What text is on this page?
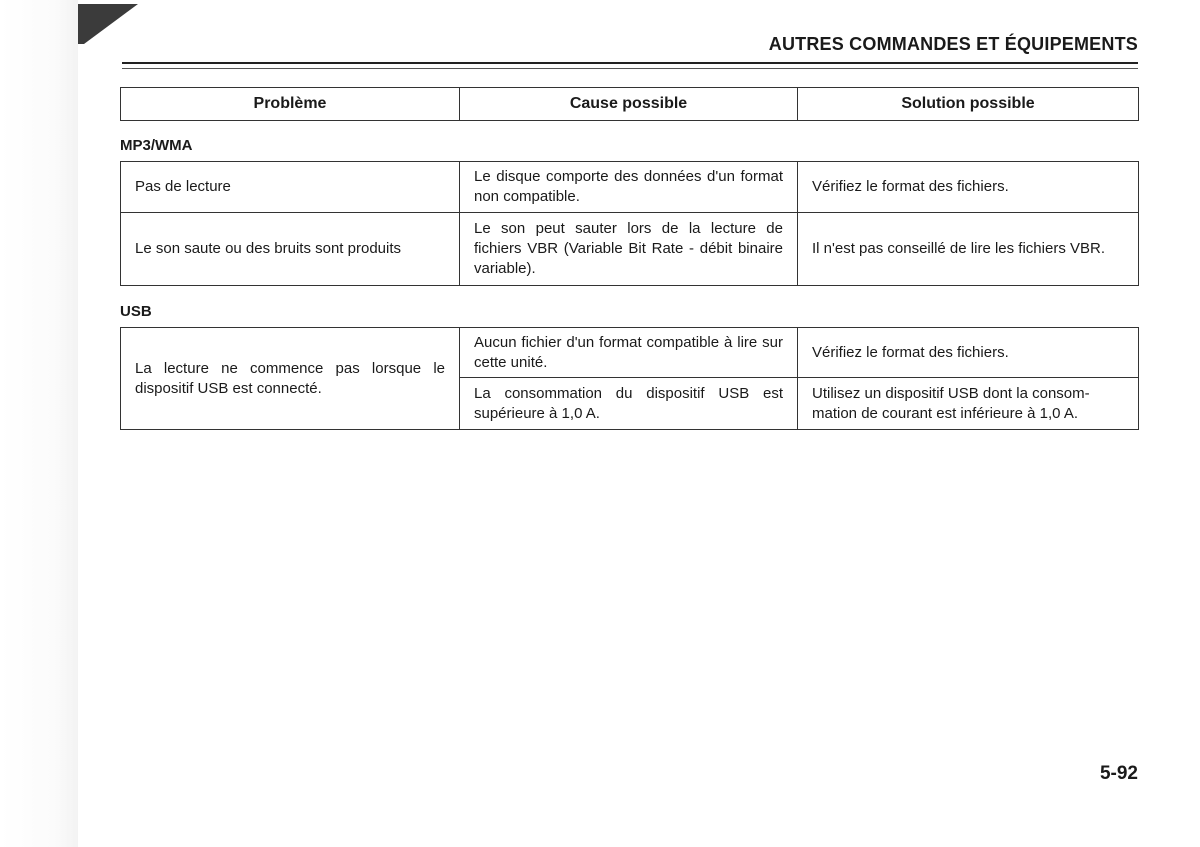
AUTRES COMMANDES ET ÉQUIPEMENTS
Problème	Cause possible	Solution possible
MP3/WMA
Pas de lecture	Le disque comporte des données d'un format non compatible.	Vérifiez le format des fichiers.
Le son saute ou des bruits sont produits	Le son peut sauter lors de la lecture de fichiers VBR (Variable Bit Rate - débit binaire variable).	Il n'est pas conseillé de lire les fichiers VBR.
USB
La lecture ne commence pas lorsque le dispositif USB est connecté.	Aucun fichier d'un format compatible à lire sur cette unité.	Vérifiez le format des fichiers.
	La consommation du dispositif USB est supérieure à 1,0 A.	Utilisez un dispositif USB dont la consom-mation de courant est inférieure à 1,0 A.
5-92
